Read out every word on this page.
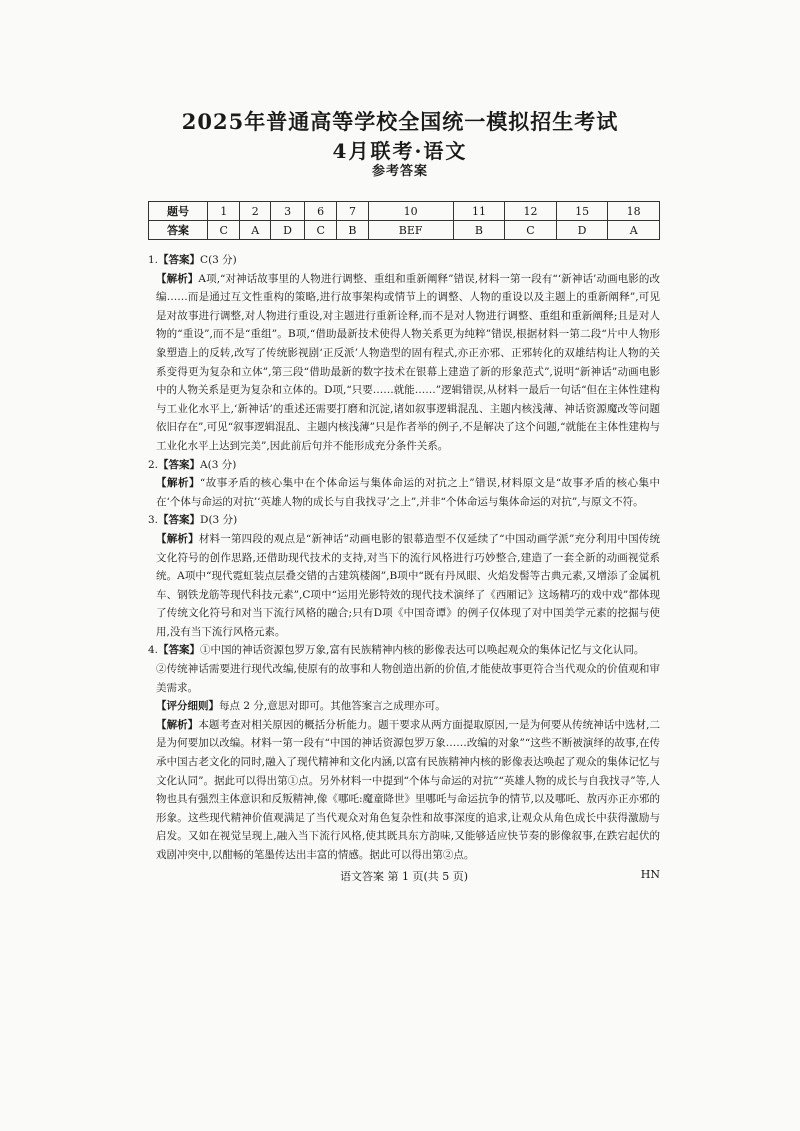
2025年普通高等学校全国统一模拟招生考试
4月联考·语文
参考答案
题号	1	2	3	6	7	10	11	12	15	18
答案	C	A	D	C	B	BEF	B	C	D	A

1.【答案】C(3 分)

【解析】A项,“对神话故事里的人物进行调整、重组和重新阐释”错误,材料一第一段有“‘新神话’动画电影的改编……而是通过互文性重构的策略,进行故事架构或情节上的调整、人物的重设以及主题上的重新阐释”,可见是对故事进行调整,对人物进行重设,对主题进行重新诠释,而不是对人物进行调整、重组和重新阐释;且是对人物的“重设”,而不是“重组”。B项,“借助最新技术使得人物关系更为纯粹”错误,根据材料一第二段“片中人物形象塑造上的反转,改写了传统影视剧‘正反派’人物造型的固有程式,亦正亦邪、正邪转化的双雄结构让人物的关系变得更为复杂和立体”,第三段“借助最新的数字技术在银幕上建造了新的形象范式”,说明“新神话”动画电影中的人物关系是更为复杂和立体的。D项,“只要……就能……”逻辑错误,从材料一最后一句话“但在主体性建构与工业化水平上,‘新神话’的重述还需要打磨和沉淀,诸如叙事逻辑混乱、主题内核浅薄、神话资源魔改等问题依旧存在”,可见“叙事逻辑混乱、主题内核浅薄”只是作者举的例子,不是解决了这个问题,“就能在主体性建构与工业化水平上达到完美”,因此前后句并不能形成充分条件关系。

2.【答案】A(3 分)

【解析】“故事矛盾的核心集中在个体命运与集体命运的对抗之上”错误,材料原文是“故事矛盾的核心集中在‘个体与命运的对抗’‘英雄人物的成长与自我找寻’之上”,并非“个体命运与集体命运的对抗”,与原文不符。

3.【答案】D(3 分)

【解析】材料一第四段的观点是“新神话”动画电影的银幕造型不仅延续了“中国动画学派”充分利用中国传统文化符号的创作思路,还借助现代技术的支持,对当下的流行风格进行巧妙整合,建造了一套全新的动画视觉系统。A项中“现代霓虹装点层叠交错的古建筑楼阁”,B项中“既有丹凤眼、火焰发髻等古典元素,又增添了金属机车、钢铁龙筋等现代科技元素”,C项中“运用光影特效的现代技术演绎了《西厢记》这场精巧的戏中戏”都体现了传统文化符号和对当下流行风格的融合;只有D项《中国奇谭》的例子仅体现了对中国美学元素的挖掘与使用,没有当下流行风格元素。

4.【答案】①中国的神话资源包罗万象,富有民族精神内核的影像表达可以唤起观众的集体记忆与文化认同。

②传统神话需要进行现代改编,使原有的故事和人物创造出新的价值,才能使故事更符合当代观众的价值观和审美需求。

【评分细则】每点 2 分,意思对即可。其他答案言之成理亦可。

【解析】本题考查对相关原因的概括分析能力。题干要求从两方面提取原因,一是为何要从传统神话中选材,二是为何要加以改编。材料一第一段有“中国的神话资源包罗万象……改编的对象”“这些不断被演绎的故事,在传承中国古老文化的同时,融入了现代精神和文化内涵,以富有民族精神内核的影像表达唤起了观众的集体记忆与文化认同”。据此可以得出第①点。另外材料一中提到“个体与命运的对抗”“英雄人物的成长与自我找寻”等,人物也具有强烈主体意识和反叛精神,像《哪吒:魔童降世》里哪吒与命运抗争的情节,以及哪吒、敖丙亦正亦邪的形象。这些现代精神价值观满足了当代观众对角色复杂性和故事深度的追求,让观众从角色成长中获得激励与启发。又如在视觉呈现上,融入当下流行风格,使其既具东方韵味,又能够适应快节奏的影像叙事,在跌宕起伏的戏剧冲突中,以酣畅的笔墨传达出丰富的情感。据此可以得出第②点。

语文答案 第 1 页(共 5 页)	HN
